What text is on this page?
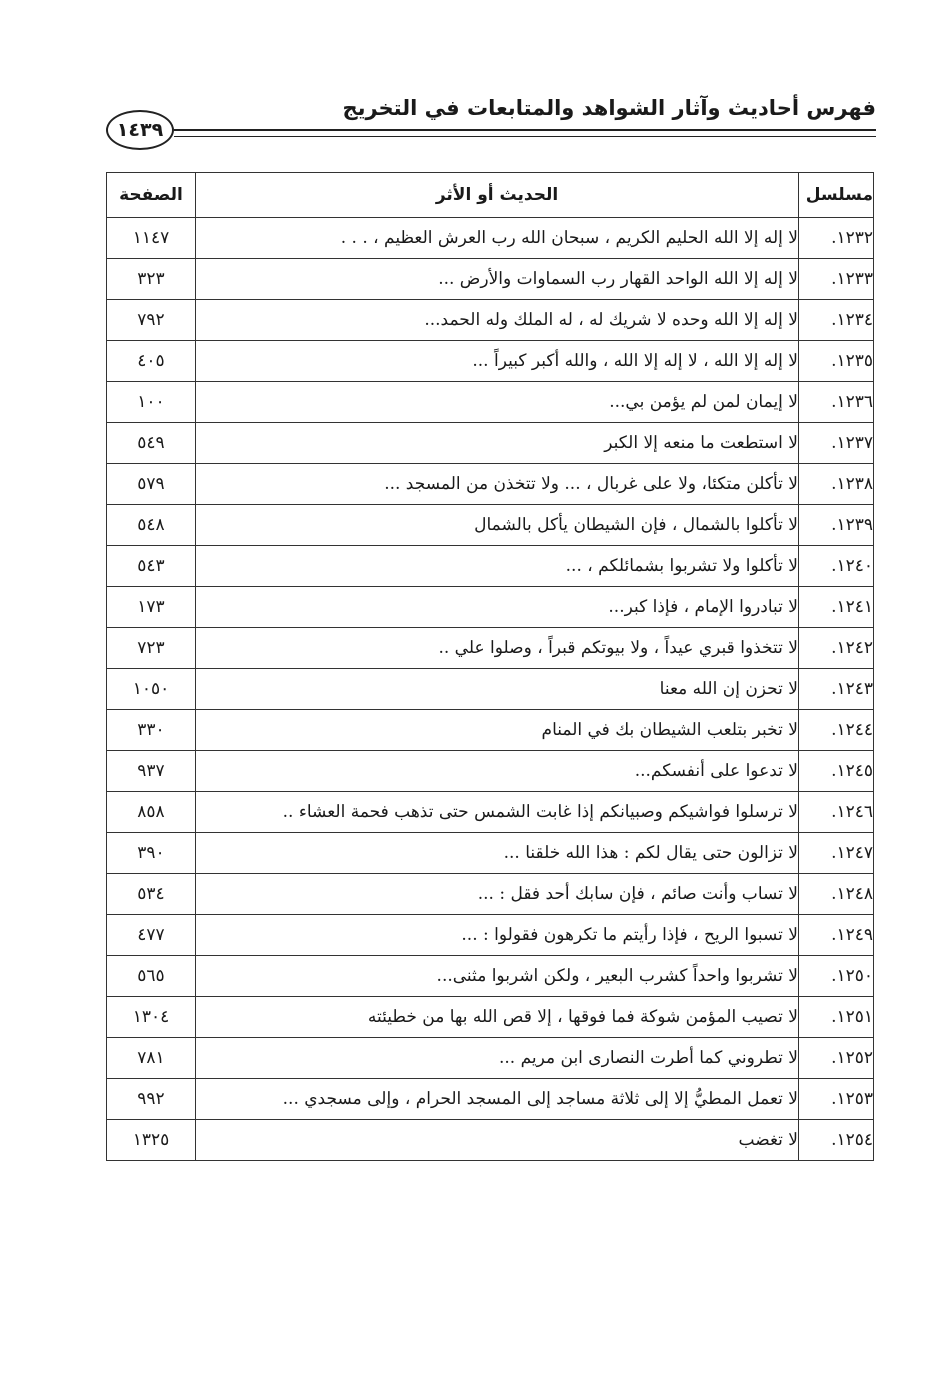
فهرس أحاديث وآثار الشواهد والمتابعات في التخريج
١٤٣٩
مسلسل	الحديث أو الأثر	الصفحة
١٢٣٢.	لا إله إلا الله الحليم الكريم ، سبحان الله رب العرش العظيم ، . . .	١١٤٧
١٢٣٣.	لا إله إلا الله الواحد القهار رب السماوات والأرض ...	٣٢٣
١٢٣٤.	لا إله إلا الله وحده لا شريك له ، له الملك وله الحمد...	٧٩٢
١٢٣٥.	لا إله إلا الله ، لا إله إلا الله ، والله أكبر كبيراً ...	٤٠٥
١٢٣٦.	لا إيمان لمن لم يؤمن بي...	١٠٠
١٢٣٧.	لا استطعت ما منعه إلا الكبر	٥٤٩
١٢٣٨.	لا تأكلن متكئا، ولا على غربال ، ... ولا تتخذن من المسجد ...	٥٧٩
١٢٣٩.	لا تأكلوا بالشمال ، فإن الشيطان يأكل بالشمال	٥٤٨
١٢٤٠.	لا تأكلوا ولا تشربوا بشمائلكم ، ...	٥٤٣
١٢٤١.	لا تبادروا الإمام ، فإذا كبر...	١٧٣
١٢٤٢.	لا تتخذوا قبري عيداً ، ولا بيوتكم قبراً ، وصلوا علي ..	٧٢٣
١٢٤٣.	لا تحزن إن الله معنا	١٠٥٠
١٢٤٤.	لا تخبر بتلعب الشيطان بك في المنام	٣٣٠
١٢٤٥.	لا تدعوا على أنفسكم...	٩٣٧
١٢٤٦.	لا ترسلوا فواشيكم وصبيانكم إذا غابت الشمس حتى تذهب فحمة العشاء ..	٨٥٨
١٢٤٧.	لا تزالون حتى يقال لكم : هذا الله خلقنا ...	٣٩٠
١٢٤٨.	لا تساب وأنت صائم ، فإن سابك أحد فقل : ...	٥٣٤
١٢٤٩.	لا تسبوا الريح ، فإذا رأيتم ما تكرهون فقولوا : ...	٤٧٧
١٢٥٠.	لا تشربوا واحداً كشرب البعير ، ولكن اشربوا مثنى...	٥٦٥
١٢٥١.	لا تصيب المؤمن شوكة فما فوقها ، إلا قص الله بها من خطيئته	١٣٠٤
١٢٥٢.	لا تطروني كما أطرت النصارى ابن مريم ...	٧٨١
١٢٥٣.	لا تعمل المطيُّ إلا إلى ثلاثة مساجد إلى المسجد الحرام ، وإلى مسجدي ...	٩٩٢
١٢٥٤.	لا تغضب	١٣٢٥
